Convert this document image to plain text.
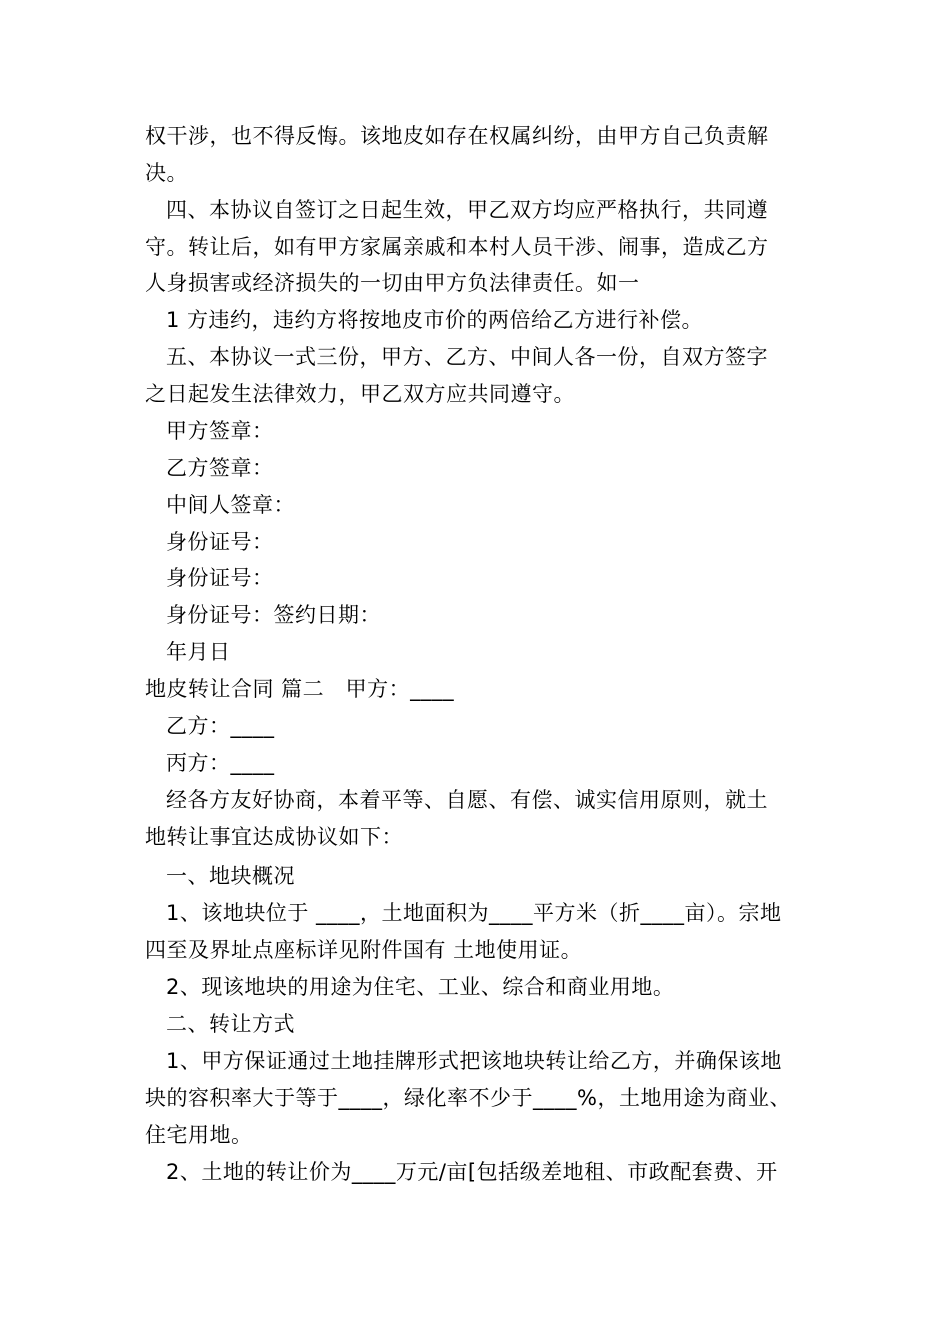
权干涉，也不得反悔。该地皮如存在权属纠纷，由甲方自己负责解
决。
四、本协议自签订之日起生效，甲乙双方均应严格执行，共同遵
守。转让后，如有甲方家属亲戚和本村人员干涉、闹事，造成乙方
人身损害或经济损失的一切由甲方负法律责任。如一
1 方违约，违约方将按地皮市价的两倍给乙方进行补偿。
五、本协议一式三份，甲方、乙方、中间人各一份，自双方签字
之日起发生法律效力，甲乙双方应共同遵守。
甲方签章：
乙方签章：
中间人签章：
身份证号：
身份证号：
身份证号：签约日期：
年月日
地皮转让合同 篇二　甲方：____
乙方：____
丙方：____
经各方友好协商，本着平等、自愿、有偿、诚实信用原则，就土
地转让事宜达成协议如下：
一、地块概况
1、该地块位于 ____，土地面积为____平方米（折____亩）。宗地
四至及界址点座标详见附件国有 土地使用证。
2、现该地块的用途为住宅、工业、综合和商业用地。
二、转让方式
1、甲方保证通过土地挂牌形式把该地块转让给乙方，并确保该地
块的容积率大于等于____，绿化率不少于____%，土地用途为商业、
住宅用地。
2、土地的转让价为____万元/亩[包括级差地租、市政配套费、开
